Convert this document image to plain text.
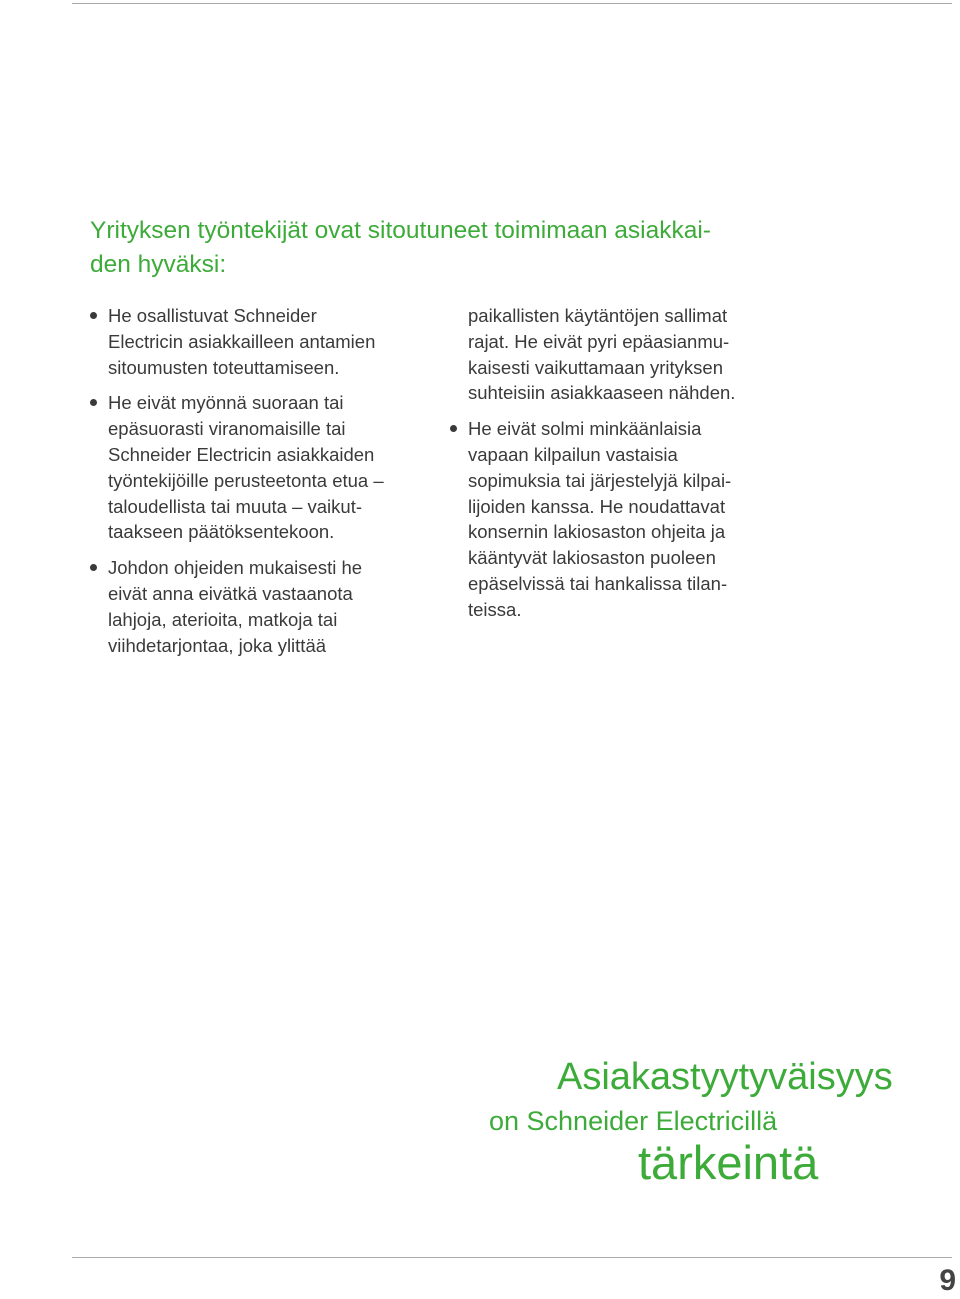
Yrityksen työntekijät ovat sitoutuneet toimimaan asiakkai-
den hyväksi:
He osallistuvat Schneider
Electricin asiakkailleen antamien
sitoumusten toteuttamiseen.
He eivät myönnä suoraan tai
epäsuorasti viranomaisille tai
Schneider Electricin asiakkaiden
työntekijöille perusteetonta etua –
taloudellista tai muuta – vaikut-
taakseen päätöksentekoon.
Johdon ohjeiden mukaisesti he
eivät anna eivätkä vastaanota
lahjoja, aterioita, matkoja tai
viihdetarjontaa, joka ylittää
paikallisten käytäntöjen sallimat
rajat. He eivät pyri epäasianmu-
kaisesti vaikuttamaan yrityksen
suhteisiin asiakkaaseen nähden.
He eivät solmi minkäänlaisia
vapaan kilpailun vastaisia
sopimuksia tai järjestelyjä kilpai-
lijoiden kanssa. He noudattavat
konsernin lakiosaston ohjeita ja
kääntyvät lakiosaston puoleen
epäselvissä tai hankalissa tilan-
teissa.
Asiakastyytyväisyys
on Schneider Electricillä
tärkeintä
9
